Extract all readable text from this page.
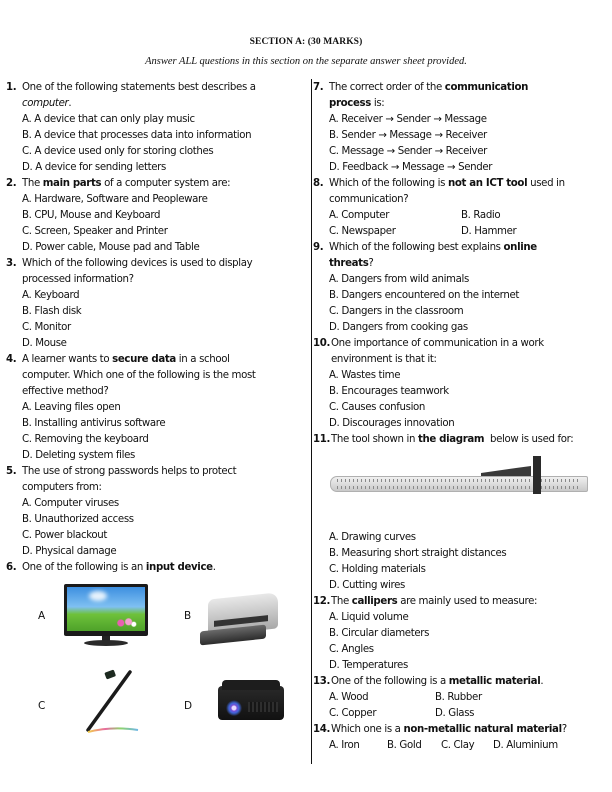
SECTION A: (30 MARKS)
Answer ALL questions in this section on the separate answer sheet provided.
1. One of the following statements best describes a computer.
A. A device that can only play music
B. A device that processes data into information
C. A device used only for storing clothes
D. A device for sending letters
2. The main parts of a computer system are:
A. Hardware, Software and Peopleware
B. CPU, Mouse and Keyboard
C. Screen, Speaker and Printer
D. Power cable, Mouse pad and Table
3. Which of the following devices is used to display
processed information?
A. Keyboard
B. Flash disk
C. Monitor
D. Mouse
4. A learner wants to secure data in a school
computer. Which one of the following is the most
effective method?
A. Leaving files open
B. Installing antivirus software
C. Removing the keyboard
D. Deleting system files
5. The use of strong passwords helps to protect
computers from:
A. Computer viruses
B. Unauthorized access
C. Power blackout
D. Physical damage
6. One of the following is an input device.
A	B
C	D
7. The correct order of the communication
process is:
A. Receiver → Sender → Message
B. Sender → Message → Receiver
C. Message → Sender → Receiver
D. Feedback → Message → Sender
8. Which of the following is not an ICT tool used in
communication?
A. Computer	B. Radio
C. Newspaper	D. Hammer
9. Which of the following best explains online
threats?
A. Dangers from wild animals
B. Dangers encountered on the internet
C. Dangers in the classroom
D. Dangers from cooking gas
10. One importance of communication in a work
environment is that it:
A. Wastes time
B. Encourages teamwork
C. Causes confusion
D. Discourages innovation
11. The tool shown in the diagram  below is used for:
A. Drawing curves
B. Measuring short straight distances
C. Holding materials
D. Cutting wires
12. The callipers are mainly used to measure:
A. Liquid volume
B. Circular diameters
C. Angles
D. Temperatures
13. One of the following is a metallic material.
A. Wood	B. Rubber
C. Copper	D. Glass
14. Which one is a non-metallic natural material?
A. Iron	B. Gold	C. Clay	D. Aluminium
